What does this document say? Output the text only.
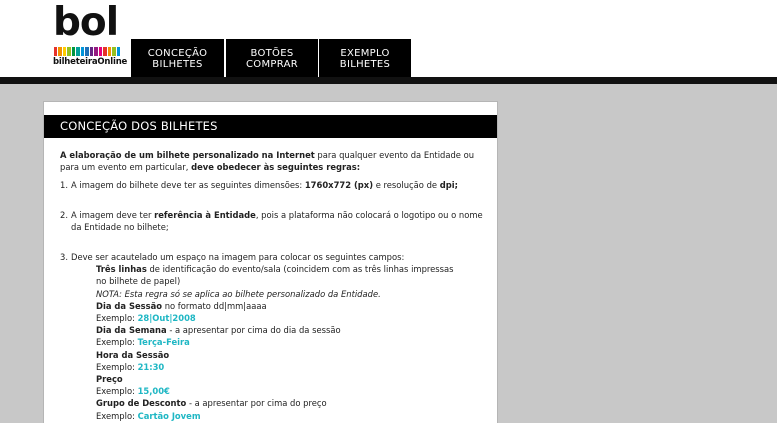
bol
bilheteiraOnline
CONCEÇÃO
BILHETES
BOTÕES
COMPRAR
EXEMPLO
BILHETES
CONCEÇÃO DOS BILHETES

A elaboração de um bilhete personalizado na Internet para qualquer evento da Entidade ou para um evento em particular, deve obedecer às seguintes regras:

1. A imagem do bilhete deve ter as seguintes dimensões: 1760x772 (px) e resolução de dpi;
2. A imagem deve ter referência à Entidade, pois a plataforma não colocará o logotipo ou o nome da Entidade no bilhete;
3. Deve ser acautelado um espaço na imagem para colocar os seguintes campos:
Três linhas de identificação do evento/sala (coincidem com as três linhas impressas no bilhete de papel)
NOTA: Esta regra só se aplica ao bilhete personalizado da Entidade.
Dia da Sessão no formato dd|mm|aaaa
Exemplo: 28|Out|2008
Dia da Semana - a apresentar por cima do dia da sessão
Exemplo: Terça-Feira
Hora da Sessão
Exemplo: 21:30
Preço
Exemplo: 15,00€
Grupo de Desconto - a apresentar por cima do preço
Exemplo: Cartão Jovem
